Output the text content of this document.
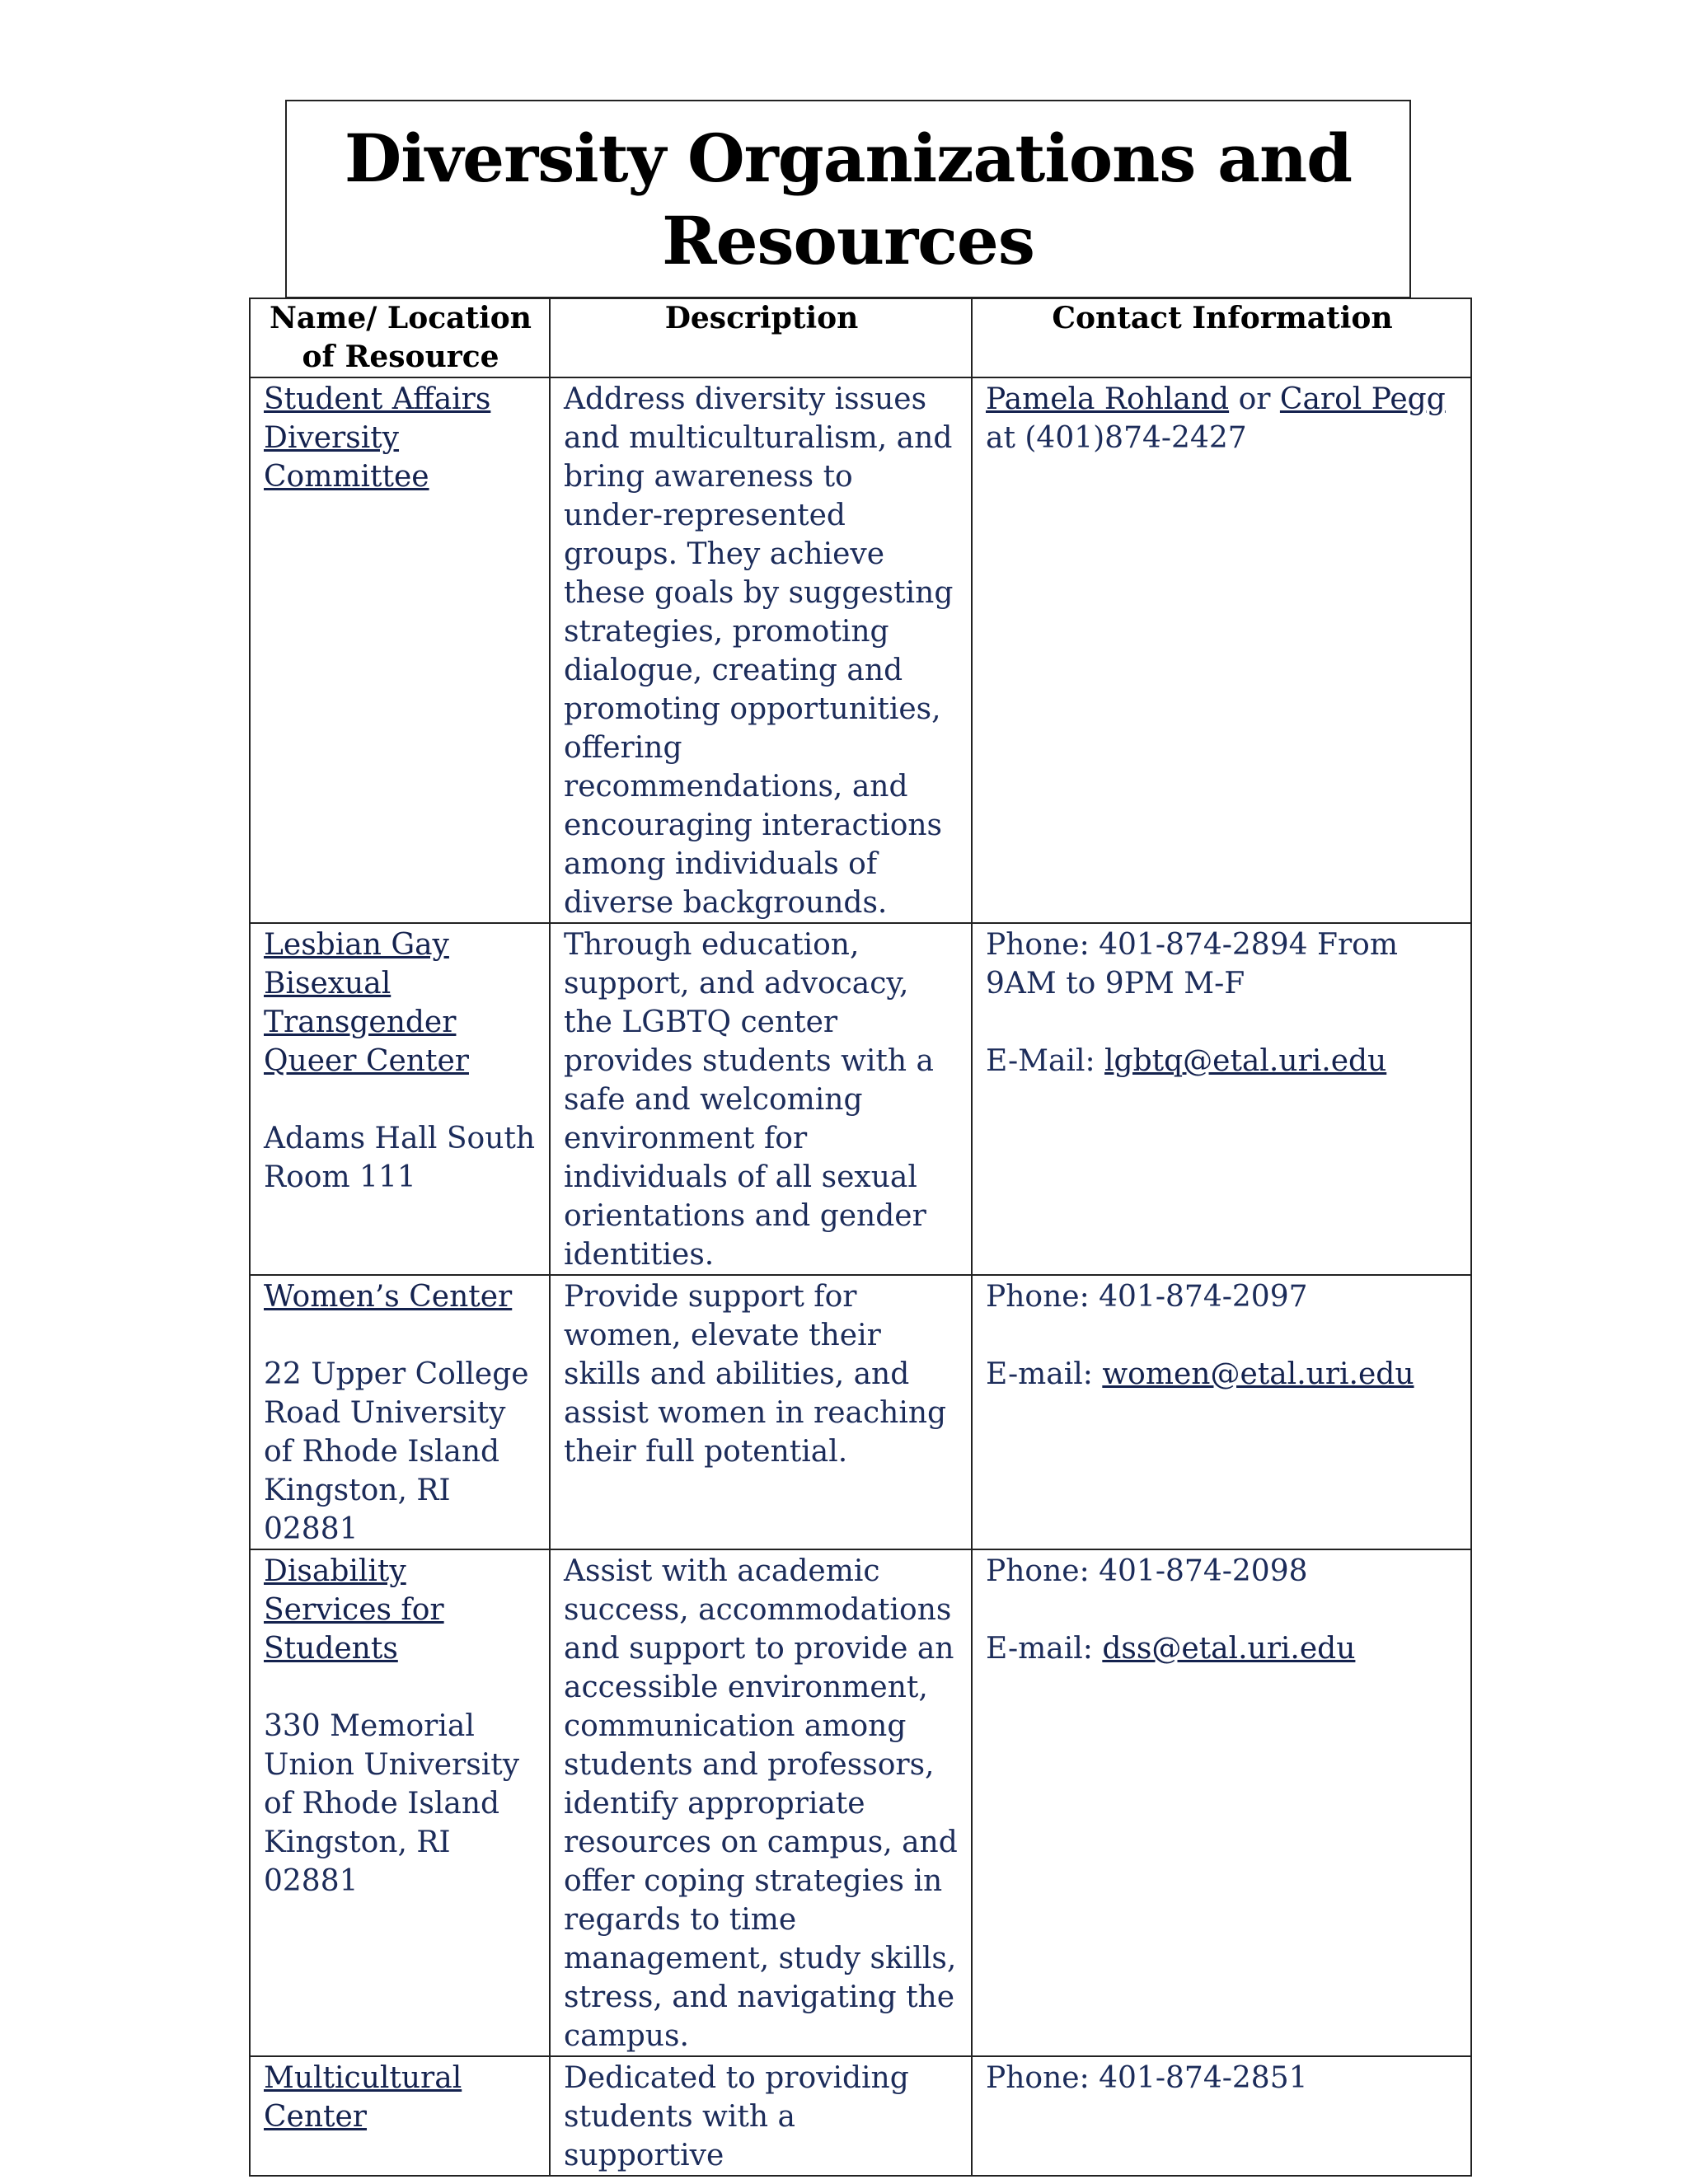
Diversity Organizations and Resources
Name/ Location of Resource	Description	Contact Information

Student Affairs Diversity Committee	Address diversity issues and multiculturalism, and bring awareness to under-represented groups. They achieve these goals by suggesting strategies, promoting dialogue, creating and promoting opportunities, offering recommendations, and encouraging interactions among individuals of diverse backgrounds.	Pamela Rohland or Carol Pegg
at (401)874-2427

Lesbian Gay Bisexual Transgender Queer Center
Adams Hall South Room 111	Through education, support, and advocacy, the LGBTQ center provides students with a safe and welcoming environment for individuals of all sexual orientations and gender identities.	Phone: 401-874-2894 From 9AM to 9PM M-F
E-Mail: lgbtq@etal.uri.edu

Women’s Center
22 Upper College Road University of Rhode Island Kingston, RI 02881	Provide support for women, elevate their skills and abilities, and assist women in reaching their full potential.	Phone: 401-874-2097
E-mail: women@etal.uri.edu

Disability Services for Students
330 Memorial Union University of Rhode Island Kingston, RI 02881	Assist with academic success, accommodations and support to provide an accessible environment, communication among students and professors, identify appropriate resources on campus, and offer coping strategies in regards to time management, study skills, stress, and navigating the campus.	Phone: 401-874-2098
E-mail: dss@etal.uri.edu

Multicultural Center	Dedicated to providing students with a supportive	Phone: 401-874-2851
